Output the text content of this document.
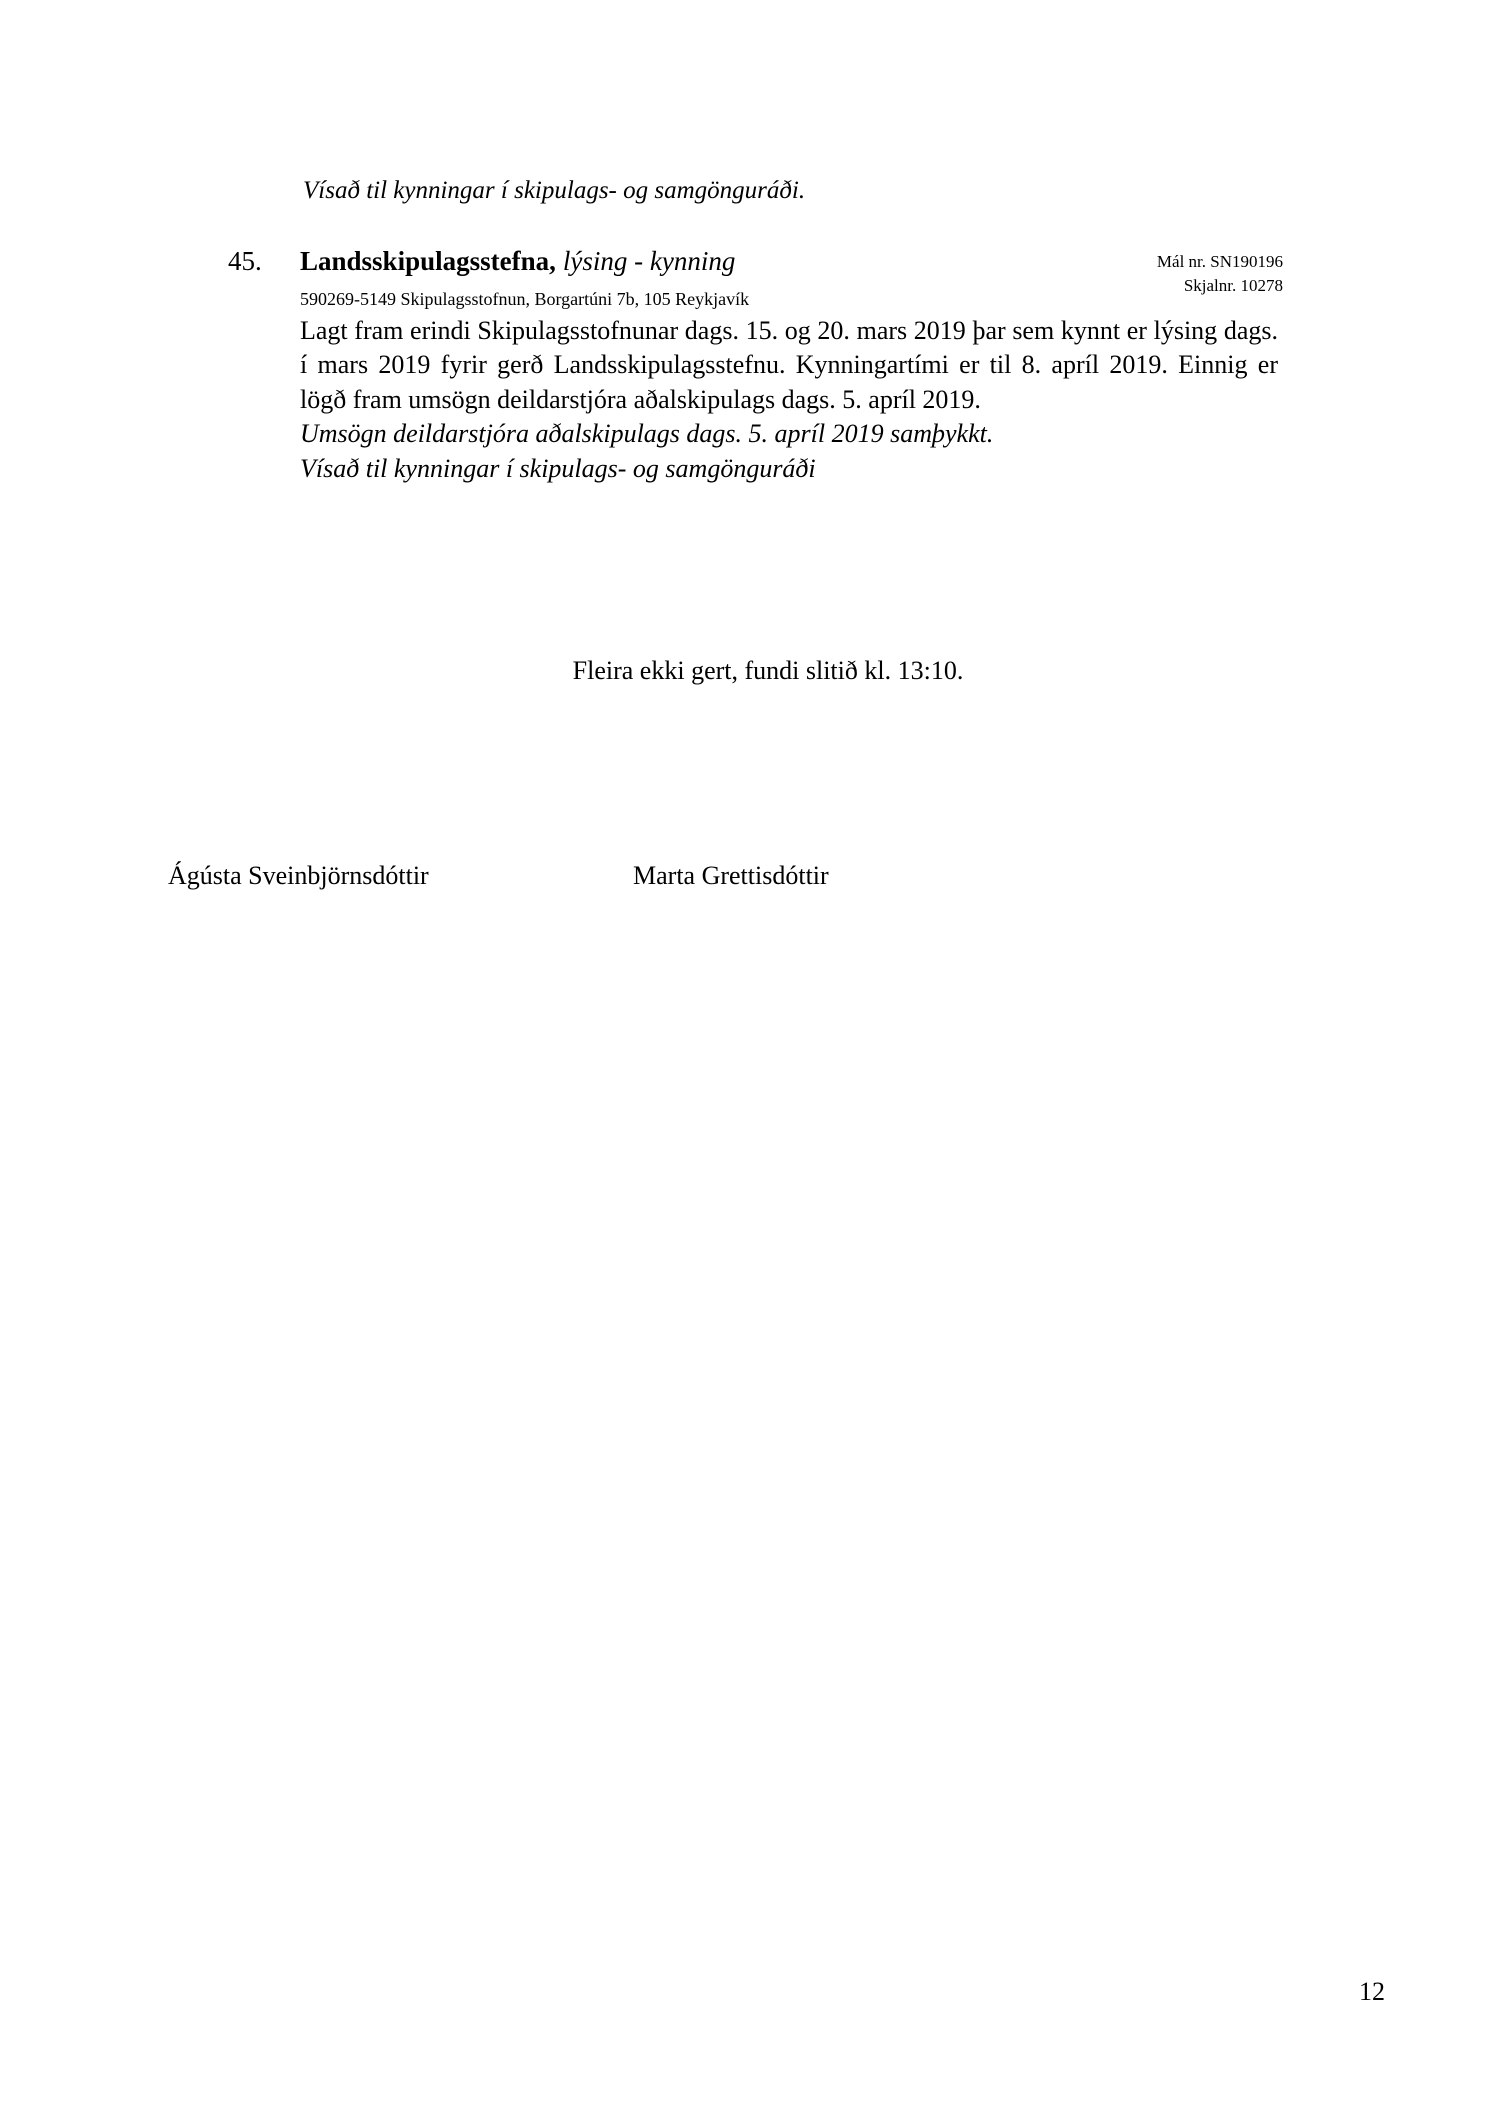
Vísað til kynningar í skipulags- og samgönguráði.
45.	Landsskipulagsstefna, lýsing - kynning	Mál nr. SN190196
Skjalnr. 10278
590269-5149 Skipulagsstofnun, Borgartúni 7b, 105 Reykjavík
Lagt fram erindi Skipulagsstofnunar dags. 15. og 20. mars 2019 þar sem kynnt er lýsing dags. í mars 2019 fyrir gerð Landsskipulagsstefnu. Kynningartími er til 8. apríl 2019. Einnig er lögð fram umsögn deildarstjóra aðalskipulags dags. 5. apríl 2019.
Umsögn deildarstjóra aðalskipulags dags. 5. apríl 2019 samþykkt.
Vísað til kynningar í skipulags- og samgönguráði
Fleira ekki gert, fundi slitið kl. 13:10.
Ágústa Sveinbjörnsdóttir	Marta Grettisdóttir
12
